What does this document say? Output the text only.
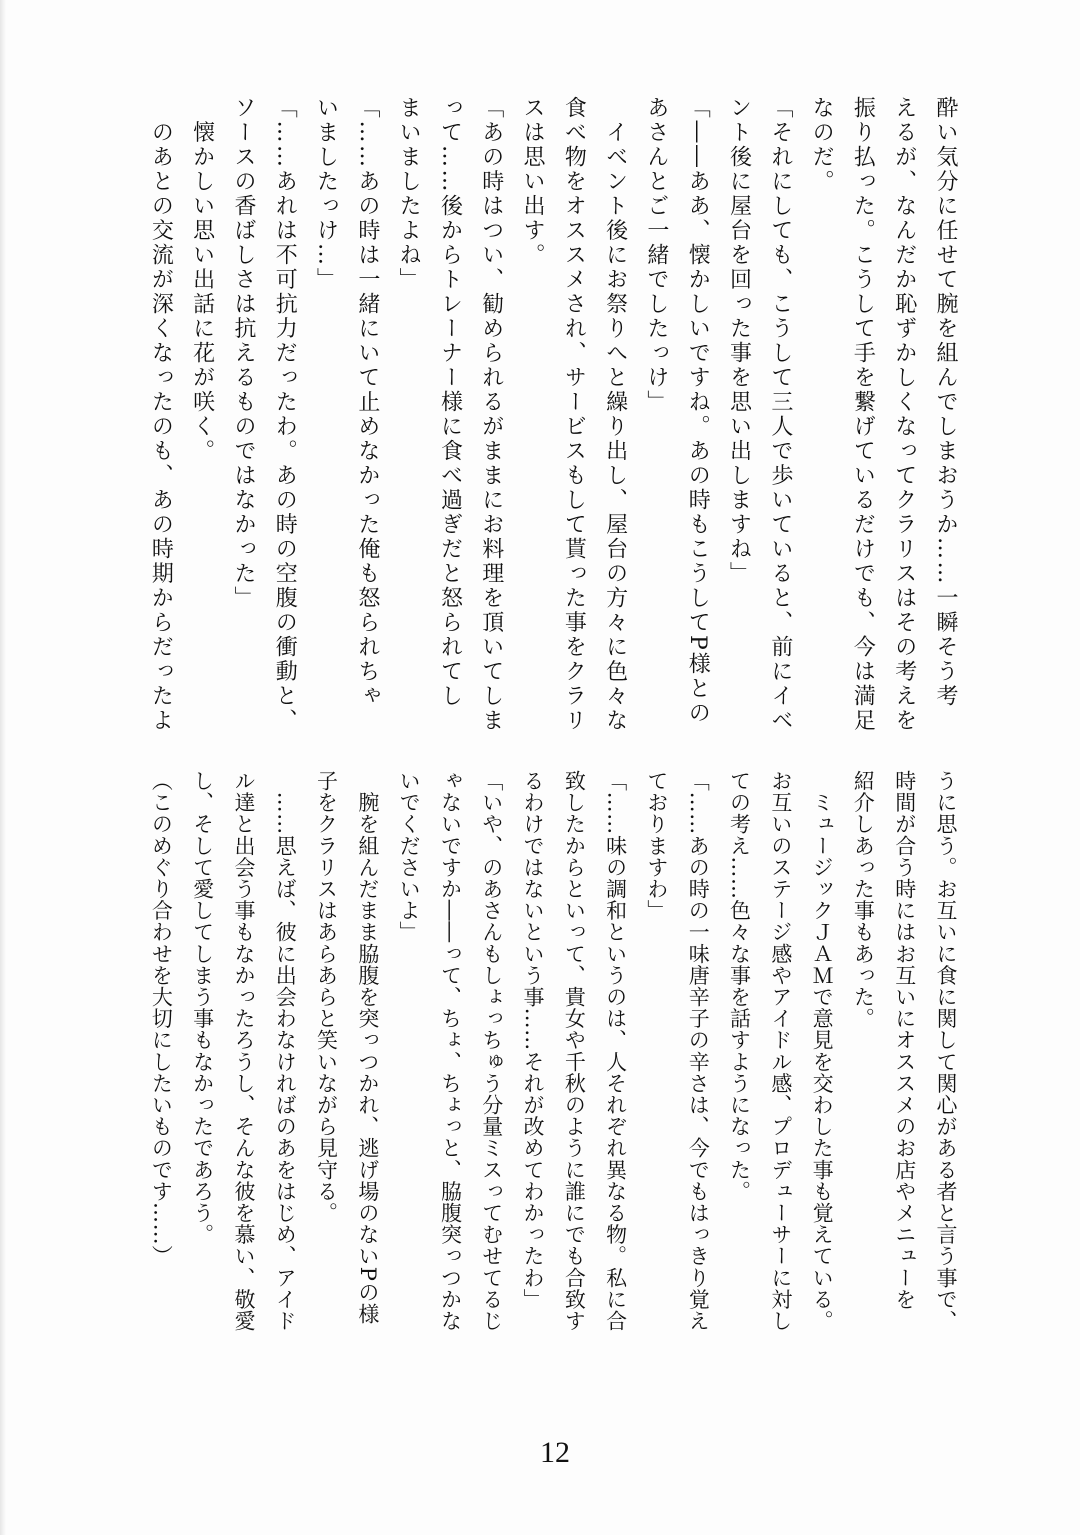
酔い気分に任せて腕を組んでしまおうか……一瞬そう考

えるが、なんだか恥ずかしくなってクラリスはその考えを

振り払った。こうして手を繋げているだけでも、今は満足

なのだ。

「それにしても、こうして三人で歩いていると、前にイベ

ント後に屋台を回った事を思い出しますね」

「――ああ、懐かしいですね。あの時もこうしてP様との

あさんとご一緒でしたっけ」

　イベント後にお祭りへと繰り出し、屋台の方々に色々な

食べ物をオススメされ、サービスもして貰った事をクラリ

スは思い出す。

「あの時はつい、勧められるがままにお料理を頂いてしま

って……後からトレーナー様に食べ過ぎだと怒られてし

まいましたよね」

「……あの時は一緒にいて止めなかった俺も怒られちゃ

いましたっけ…」

「……あれは不可抗力だったわ。あの時の空腹の衝動と、

ソースの香ばしさは抗えるものではなかった」

　懐かしい思い出話に花が咲く。

　のあとの交流が深くなったのも、あの時期からだったよ

うに思う。お互いに食に関して関心がある者と言う事で、

時間が合う時にはお互いにオススメのお店やメニューを

紹介しあった事もあった。

　ミュージックＪＡＭで意見を交わした事も覚えている。

お互いのステージ感やアイドル感、プロデューサーに対し

ての考え……色々な事を話すようになった。

「……あの時の一味唐辛子の辛さは、今でもはっきり覚え

ておりますわ」

「……味の調和というのは、人それぞれ異なる物。私に合

致したからといって、貴女や千秋のように誰にでも合致す

るわけではないという事……それが改めてわかったわ」

「いや、のあさんもしょっちゅう分量ミスってむせてるじ

ゃないですか――って、ちょ、ちょっと、脇腹突っつかな

いでくださいよ」

　腕を組んだまま脇腹を突っつかれ、逃げ場のないPの様

子をクラリスはあらあらと笑いながら見守る。

　……思えば、彼に出会わなければのあをはじめ、アイド

ル達と出会う事もなかったろうし、そんな彼を慕い、敬愛

し、そして愛してしまう事もなかったであろう。

（このめぐり合わせを大切にしたいものです……）

12
